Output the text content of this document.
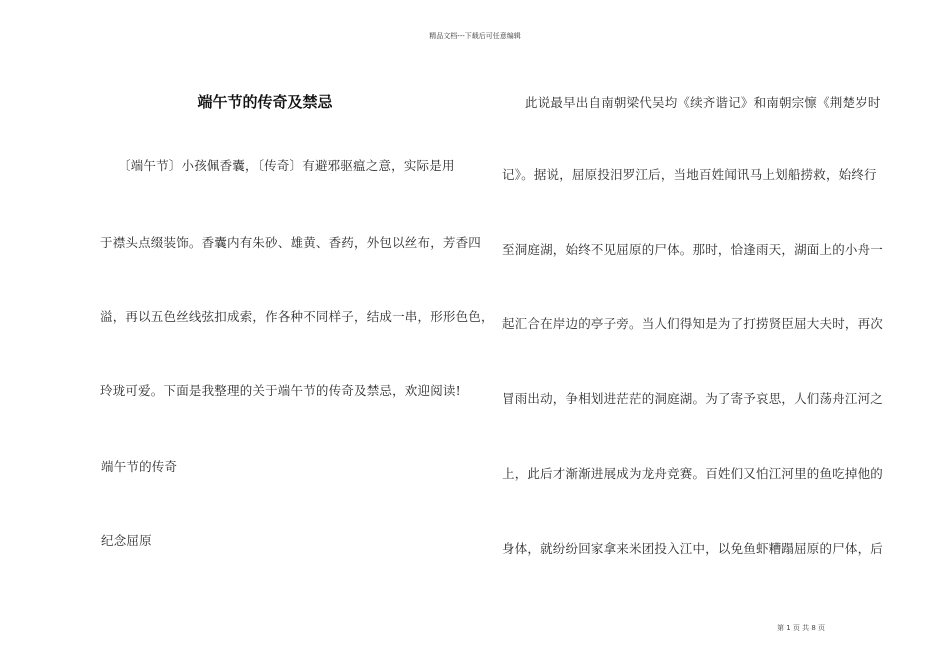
精品文档---下载后可任意编辑
端午节的传奇及禁忌
〔端午节〕小孩佩香囊，〔传奇〕有避邪驱瘟之意，实际是用
于襟头点缀装饰。香囊内有朱砂、雄黄、香药，外包以丝布，芳香四
溢，再以五色丝线弦扣成索，作各种不同样子，结成一串，形形色色，
玲珑可爱。下面是我整理的关于端午节的传奇及禁忌，欢迎阅读!
端午节的传奇
纪念屈原
此说最早出自南朝梁代吴均《续齐谐记》和南朝宗懔《荆楚岁时
记》。据说，屈原投汨罗江后，当地百姓闻讯马上划船捞救，始终行
至洞庭湖，始终不见屈原的尸体。那时，恰逢雨天，湖面上的小舟一
起汇合在岸边的亭子旁。当人们得知是为了打捞贤臣屈大夫时，再次
冒雨出动，争相划进茫茫的洞庭湖。为了寄予哀思，人们荡舟江河之
上，此后才渐渐进展成为龙舟竞赛。百姓们又怕江河里的鱼吃掉他的
身体，就纷纷回家拿来米团投入江中，以免鱼虾糟蹋屈原的尸体，后
第 1 页 共 8 页
